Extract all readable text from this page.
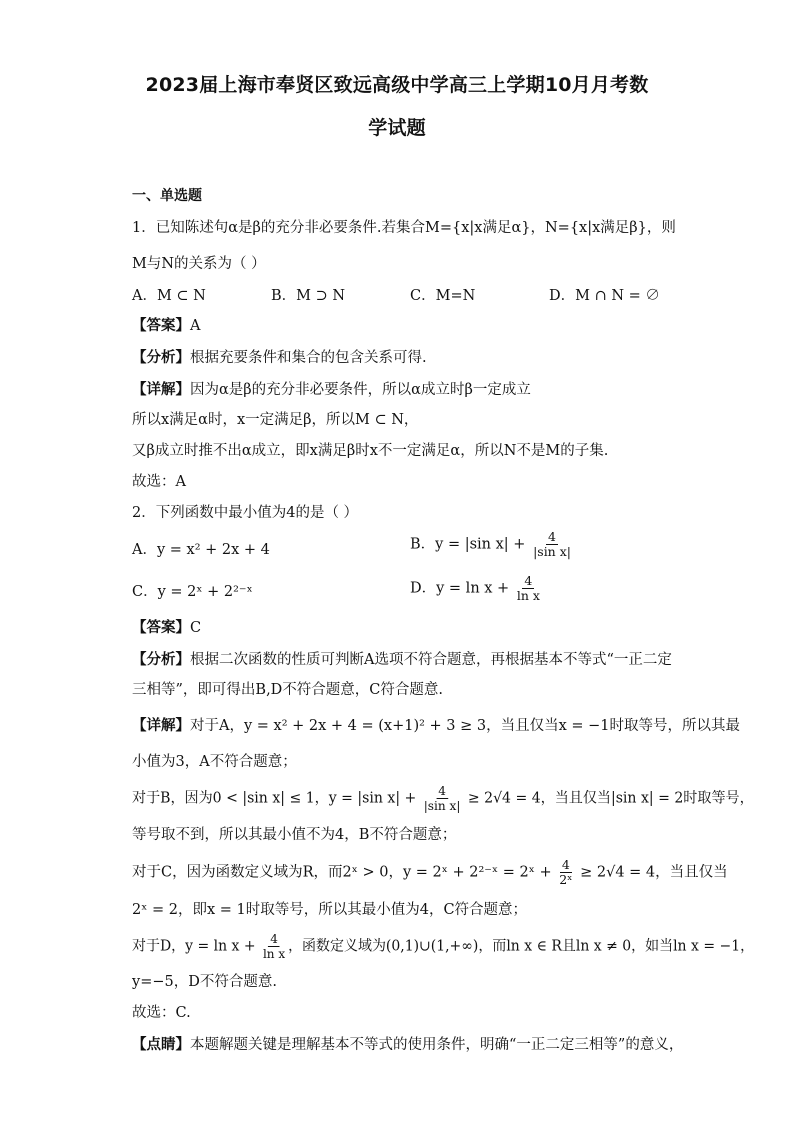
2023届上海市奉贤区致远高级中学高三上学期10月月考数
学试题
一、单选题
1．已知陈述句α是β的充分非必要条件.若集合M={x|x满足α}，N={x|x满足β}，则
M与N的关系为（ ）
A．M ⊂ N	B．M ⊃ N	C．M=N	D．M ∩ N = ∅
【答案】A
【分析】根据充要条件和集合的包含关系可得.
【详解】因为α是β的充分非必要条件，所以α成立时β一定成立
所以x满足α时，x一定满足β，所以M ⊂ N，
又β成立时推不出α成立，即x满足β时x不一定满足α，所以N不是M的子集.
故选：A
2．下列函数中最小值为4的是（ ）
A．y = x² + 2x + 4	B．y = |sin $x| + \frac{4}{\text{|sin x|}}$
C．y = 2ˣ + 2²⁻ˣ	D．$y = \ln x + \frac{4}{\text{ln x}}$
【答案】C
【分析】根据二次函数的性质可判断A选项不符合题意，再根据基本不等式“一正二定
三相等”，即可得出B,D不符合题意，C符合题意.
【详解】对于A，y = x² + 2x + 4 = (x+1)² + 3 ≥ 3，当且仅当x = −1时取等号，所以其最
小值为3，A不符合题意；
对于B，因为0 < |sin x| ≤ 1，y = |sin $x| + \frac{4}{\text{|sin x|}} \ge 2√4 = 4$，当且仅当|sin x| = 2时取等号，
等号取不到，所以其最小值不为4，B不符合题意；
对于C，因为函数定义域为R，而2ˣ > 0，y = 2ˣ + 2²⁻ˣ = 2ˣ + $\frac{4}{\text{2ˣ}} \ge 2√4 = 4$，当且仅当
2ˣ = 2，即x = 1时取等号，所以其最小值为4，C符合题意；
对于D，$y = \ln x + \frac{4}{\text{ln x}}$ ，函数定义域为(0,1)∪(1,+∞)，而ln x ∈ R且ln x ≠ 0，如当ln x = −1，
y=−5，D不符合题意.
故选：C.
【点睛】本题解题关键是理解基本不等式的使用条件，明确“一正二定三相等”的意义，
